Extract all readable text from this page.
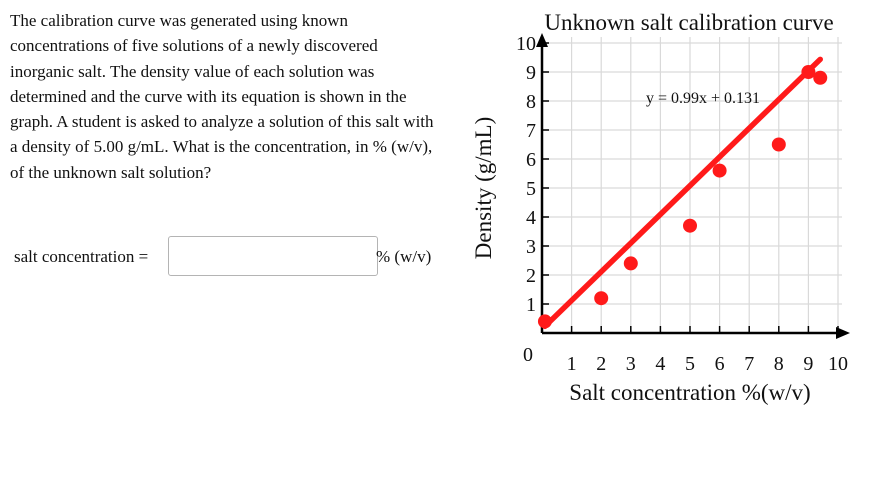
The calibration curve was generated using known concentrations of five solutions of a newly discovered inorganic salt. The density value of each solution was determined and the curve with its equation is shown in the graph. A student is asked to analyze a solution of this salt with a density of 5.00 g/mL. What is the concentration, in % (w/v), of the unknown salt solution?

salt concentration =	% (w/v)
Unknown salt calibration curve
1 2 3 4 5 6 7 8 9 10
1
2
3
4
5
6
7
8
9
10
0
y = 0.99x + 0.131
Salt concentration %(w/v)
Density (g/mL)
